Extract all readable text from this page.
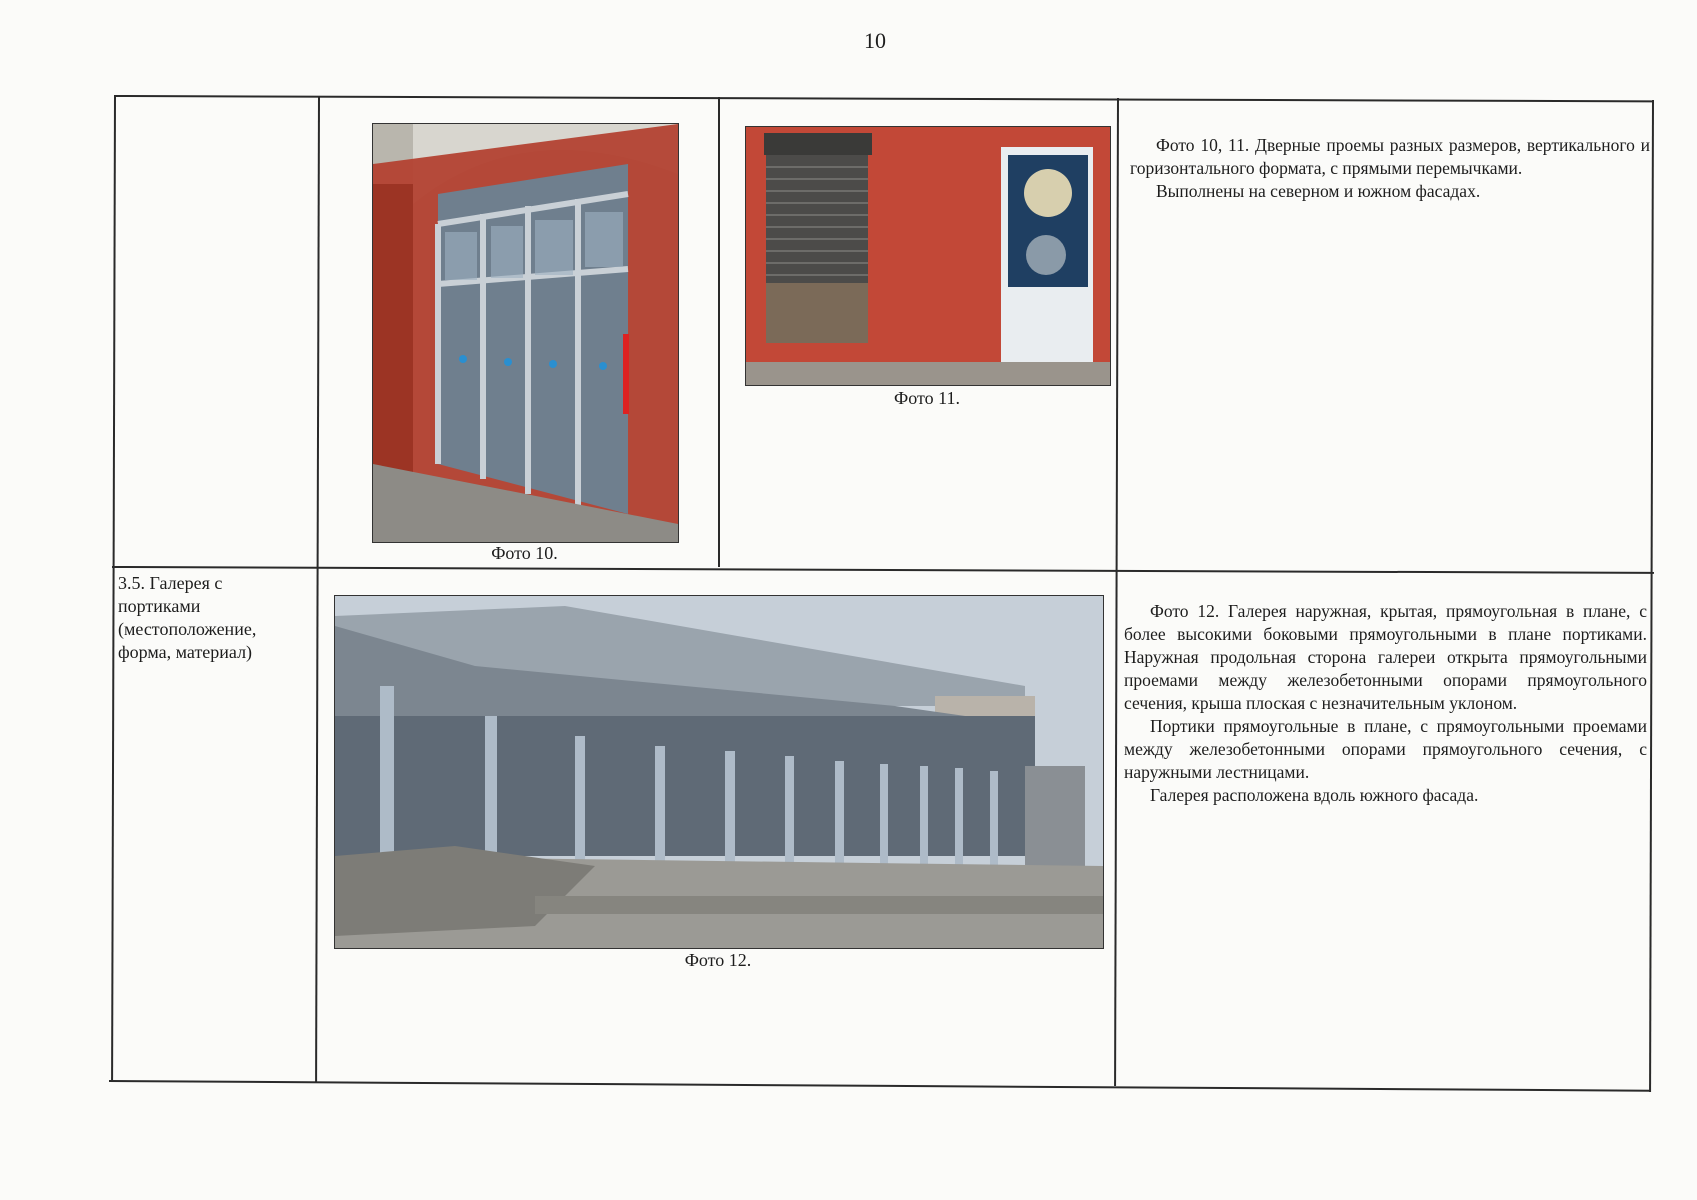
10
Фото 10.
Фото 11.

Фото 10, 11. Дверные проемы разных размеров, вертикального и горизонтального формата, с прямыми перемычками.

Выполнены на северном и южном фасадах.

3.5. Галерея с портиками (местоположение, форма, материал)
Фото 12.

Фото 12. Галерея наружная, крытая, прямоугольная в плане, с более высокими боковыми прямоугольными в плане портиками. Наружная продольная сторона галереи открыта прямоугольными проемами между железобетонными опорами прямоугольного сечения, крыша плоская с незначительным уклоном.

Портики прямоугольные в плане, с прямоугольными проемами между железобетонными опорами прямоугольного сечения, с наружными лестницами.

Галерея расположена вдоль южного фасада.
